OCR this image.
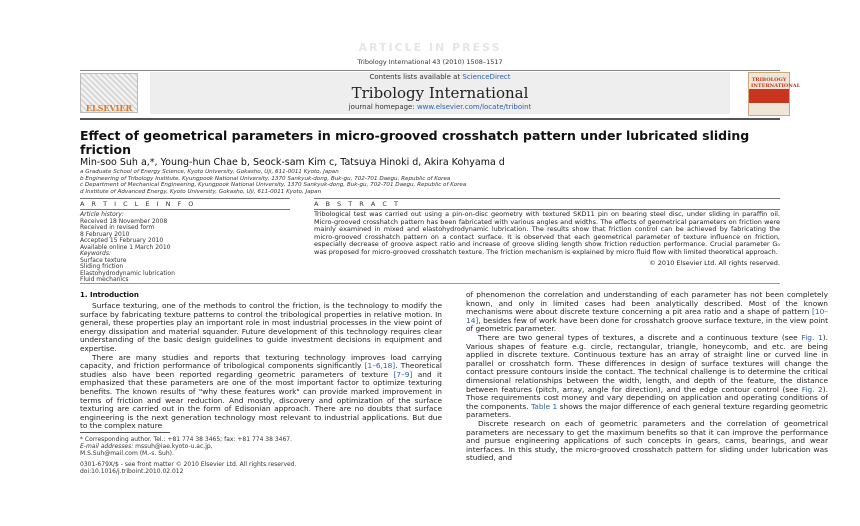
ARTICLE IN PRESS
Tribology International 43 (2010) 1508–1517
ELSEVIER
Contents lists available at ScienceDirect
Tribology International
journal homepage: www.elsevier.com/locate/triboint
TRIBOLOGY INTERNATIONAL
Effect of geometrical parameters in micro-grooved crosshatch pattern under lubricated sliding friction
Min-soo Suh a,*, Young-hun Chae b, Seock-sam Kim c, Tatsuya Hinoki d, Akira Kohyama d
a Graduate School of Energy Science, Kyoto University, Gokasho, Uji, 611-0011 Kyoto, Japan
b Engineering of Tribology Institute, Kyungpook National University, 1370 Sankyuk-dong, Buk-gu, 702-701 Daegu, Republic of Korea
c Department of Mechanical Engineering, Kyungpook National University, 1370 Sankyuk-dong, Buk-gu, 702-701 Daegu, Republic of Korea
d Institute of Advanced Energy, Kyoto University, Gokasho, Uji, 611-0011 Kyoto, Japan
A R T I C L E I N F O	A B S T R A C T
Article history:
Received 18 November 2008
Received in revised form
8 February 2010
Accepted 15 February 2010
Available online 1 March 2010
Keywords:
Surface texture
Sliding friction
Elastohydrodynamic lubrication
Fluid mechanics
Tribological test was carried out using a pin-on-disc geometry with textured SKD11 pin on bearing steel disc, under sliding in paraffin oil. Micro-grooved crosshatch pattern has been fabricated with various angles and widths. The effects of geometrical parameters on friction were mainly examined in mixed and elastohydrodynamic lubrication. The results show that friction control can be achieved by fabricating the micro-grooved crosshatch pattern on a contact surface. It is observed that each geometrical parameter of texture influence on friction, especially decrease of groove aspect ratio and increase of groove sliding length show friction reduction performance. Crucial parameter G₀ was proposed for micro-grooved crosshatch texture. The friction mechanism is explained by micro fluid flow with limited theoretical approach.
© 2010 Elsevier Ltd. All rights reserved.
1. Introduction
Surface texturing, one of the methods to control the friction, is the technology to modify the surface by fabricating texture patterns to control the tribological properties in relative motion. In general, these properties play an important role in most industrial processes in the view point of energy dissipation and material squander. Future development of this technology requires clear understanding of the basic design guidelines to guide investment decisions in equipment and expertise.
There are many studies and reports that texturing technology improves load carrying capacity, and friction performance of tribological components significantly [1–6,18]. Theoretical studies also have been reported regarding geometric parameters of texture [7–9] and it emphasized that these parameters are one of the most important factor to optimize texturing benefits. The known results of "why these features work" can provide marked improvement in terms of friction and wear reduction. And mostly, discovery and optimization of the surface texturing are carried out in the form of Edisonian approach. There are no doubts that surface engineering is the next generation technology most relevant to industrial applications. But due to the complex nature
of phenomenon the correlation and understanding of each parameter has not been completely known, and only in limited cases had been analytically described. Most of the known mechanisms were about discrete texture concerning a pit area ratio and a shape of pattern [10–14], besides few of work have been done for crosshatch groove surface texture, in the view point of geometric parameter.
There are two general types of textures, a discrete and a continuous texture (see Fig. 1). Various shapes of feature e.g. circle, rectangular, triangle, honeycomb, and etc. are being applied in discrete texture. Continuous texture has an array of straight line or curved line in parallel or crosshatch form. These differences in design of surface textures will change the contact pressure contours inside the contact. The technical challenge is to determine the critical dimensional relationships between the width, length, and depth of the feature, the distance between features (pitch, array, angle for direction), and the edge contour control (see Fig. 2). Those requirements cost money and vary depending on application and operating conditions of the components. Table 1 shows the major difference of each general texture regarding geometric parameters.
Discrete research on each of geometric parameters and the correlation of geometrical parameters are necessary to get the maximum benefits so that it can improve the performance and pursue engineering applications of such concepts in gears, cams, bearings, and wear interfaces. In this study, the micro-grooved crosshatch pattern for sliding under lubrication was studied, and
* Corresponding author. Tel.: +81 774 38 3465; fax: +81 774 38 3467.
E-mail addresses: mssuh@iae.kyoto-u.ac.jp,
M.S.Suh@mail.com (M.-s. Suh).
0301-679X/$ - see front matter © 2010 Elsevier Ltd. All rights reserved.
doi:10.1016/j.triboint.2010.02.012
